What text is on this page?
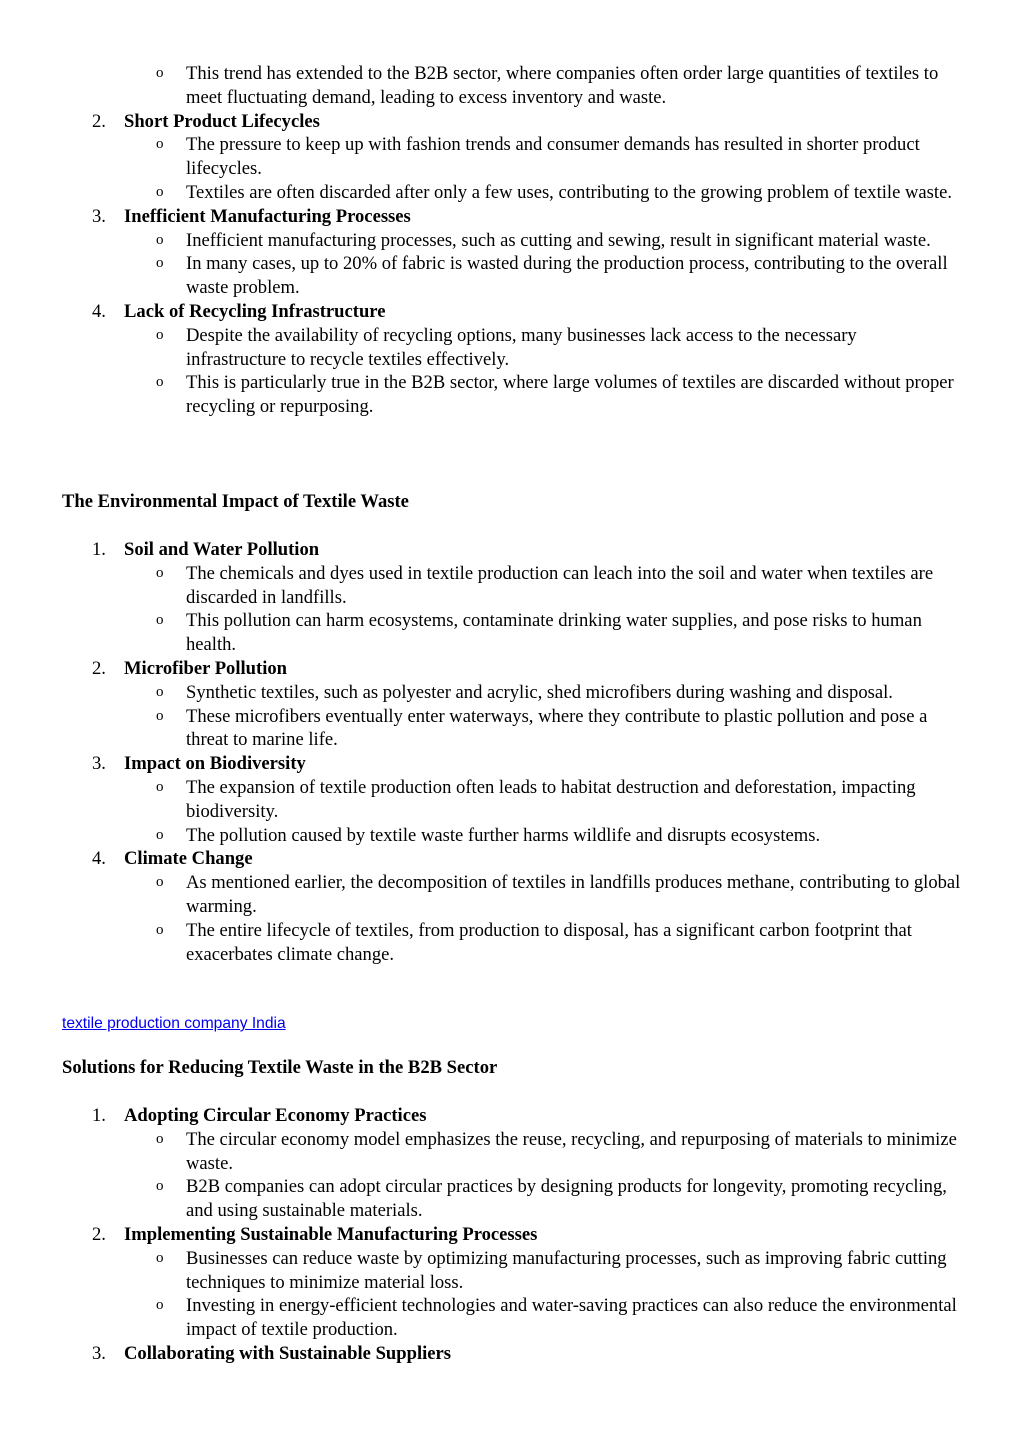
o This trend has extended to the B2B sector, where companies often order large quantities of textiles to meet fluctuating demand, leading to excess inventory and waste.
2. Short Product Lifecycles
o The pressure to keep up with fashion trends and consumer demands has resulted in shorter product lifecycles.
o Textiles are often discarded after only a few uses, contributing to the growing problem of textile waste.
3. Inefficient Manufacturing Processes
o Inefficient manufacturing processes, such as cutting and sewing, result in significant material waste.
o In many cases, up to 20% of fabric is wasted during the production process, contributing to the overall waste problem.
4. Lack of Recycling Infrastructure
o Despite the availability of recycling options, many businesses lack access to the necessary infrastructure to recycle textiles effectively.
o This is particularly true in the B2B sector, where large volumes of textiles are discarded without proper recycling or repurposing.
The Environmental Impact of Textile Waste
1. Soil and Water Pollution
o The chemicals and dyes used in textile production can leach into the soil and water when textiles are discarded in landfills.
o This pollution can harm ecosystems, contaminate drinking water supplies, and pose risks to human health.
2. Microfiber Pollution
o Synthetic textiles, such as polyester and acrylic, shed microfibers during washing and disposal.
o These microfibers eventually enter waterways, where they contribute to plastic pollution and pose a threat to marine life.
3. Impact on Biodiversity
o The expansion of textile production often leads to habitat destruction and deforestation, impacting biodiversity.
o The pollution caused by textile waste further harms wildlife and disrupts ecosystems.
4. Climate Change
o As mentioned earlier, the decomposition of textiles in landfills produces methane, contributing to global warming.
o The entire lifecycle of textiles, from production to disposal, has a significant carbon footprint that exacerbates climate change.
textile production company India
Solutions for Reducing Textile Waste in the B2B Sector
1. Adopting Circular Economy Practices
o The circular economy model emphasizes the reuse, recycling, and repurposing of materials to minimize waste.
o B2B companies can adopt circular practices by designing products for longevity, promoting recycling, and using sustainable materials.
2. Implementing Sustainable Manufacturing Processes
o Businesses can reduce waste by optimizing manufacturing processes, such as improving fabric cutting techniques to minimize material loss.
o Investing in energy-efficient technologies and water-saving practices can also reduce the environmental impact of textile production.
3. Collaborating with Sustainable Suppliers
